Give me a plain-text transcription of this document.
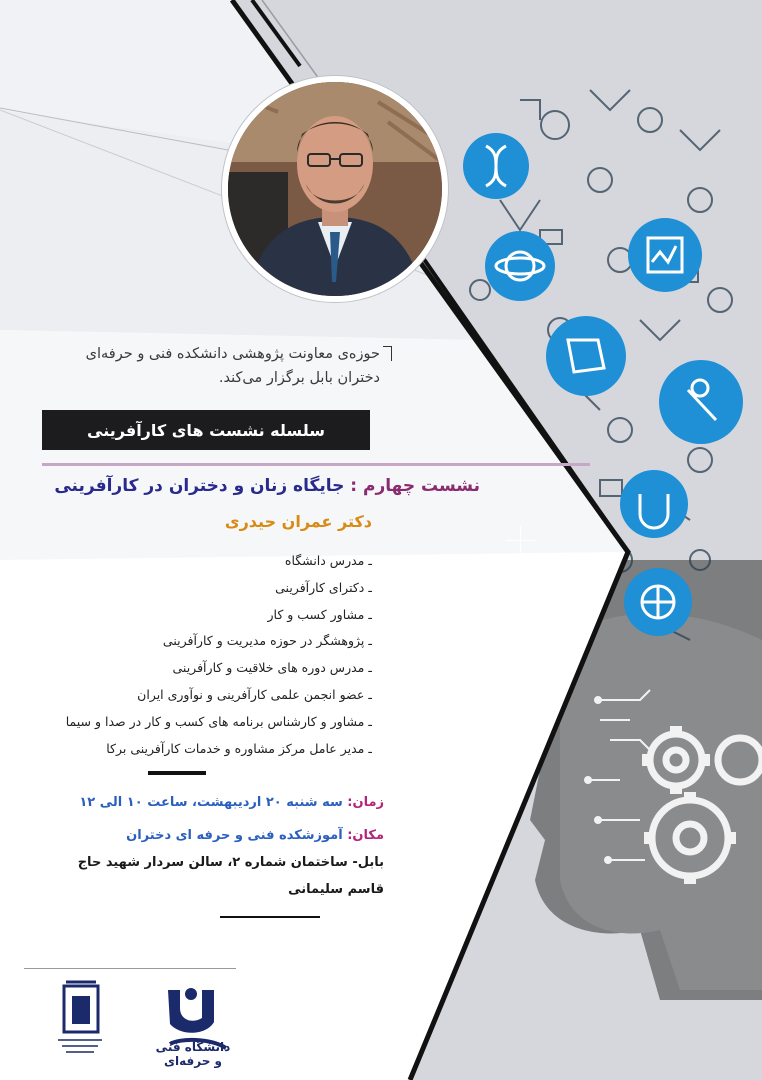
حوزه‌ی معاونت پژوهشی دانشکده فنی و حرفه‌ای
دختران بابل برگزار می‌کند.
سلسله نشست های کارآفرینی
نشست چهارم : جایگاه زنان و دختران در کارآفرینی
دکتر عمران حیدری
ـ مدرس دانشگاه
ـ دکترای کارآفرینی
ـ مشاور کسب و کار
ـ پژوهشگر در حوزه مدیریت و کارآفرینی
ـ مدرس دوره های خلاقیت و کارآفرینی
ـ عضو انجمن علمی کارآفرینی و نوآوری ایران
ـ مشاور و کارشناس برنامه های کسب و کار در صدا و سیما
ـ مدیر عامل مرکز مشاوره و خدمات کارآفرینی برکا
زمان: سه شنبه ۲۰ اردیبهشت، ساعت ۱۰ الی ۱۲
مکان: آموزشکده فنی و حرفه ای دختران
بابل- ساختمان شماره ۲، سالن سردار شهید حاج
قاسم سلیمانی
دانشگاه فنی و حرفه‌ای
